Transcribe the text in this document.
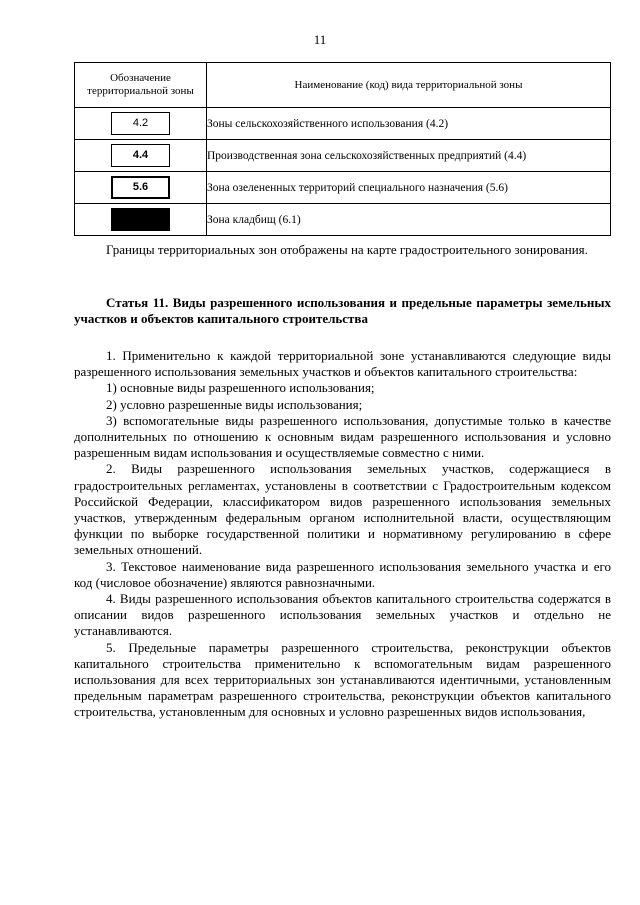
11
Обозначение территориальной зоны	Наименование (код) вида территориальной зоны
4.2	Зоны сельскохозяйственного использования (4.2)
4.4	Производственная зона сельскохозяйственных предприятий (4.4)
5.6	Зона озелененных территорий специального назначения (5.6)
	Зона кладбищ (6.1)

Границы территориальных зон отображены на карте градостроительного зонирования.

Статья 11. Виды разрешенного использования и предельные параметры земельных участков и объектов капитального строительства

1. Применительно к каждой территориальной зоне устанавливаются следующие виды разрешенного использования земельных участков и объектов капитального строительства:

1) основные виды разрешенного использования;

2) условно разрешенные виды использования;

3) вспомогательные виды разрешенного использования, допустимые только в качестве дополнительных по отношению к основным видам разрешенного использования и условно разрешенным видам использования и осуществляемые совместно с ними.

2. Виды разрешенного использования земельных участков, содержащиеся в градостроительных регламентах, установлены в соответствии с Градостроительным кодексом Российской Федерации, классификатором видов разрешенного использования земельных участков, утвержденным федеральным органом исполнительной власти, осуществляющим функции по выборке государственной политики и нормативному регулированию в сфере земельных отношений.

3. Текстовое наименование вида разрешенного использования земельного участка и его код (числовое обозначение) являются равнозначными.

4. Виды разрешенного использования объектов капитального строительства содержатся в описании видов разрешенного использования земельных участков и отдельно не устанавливаются.

5. Предельные параметры разрешенного строительства, реконструкции объектов капитального строительства применительно к вспомогательным видам разрешенного использования для всех территориальных зон устанавливаются идентичными, установленным предельным параметрам разрешенного строительства, реконструкции объектов капитального строительства, установленным для основных и условно разрешенных видов использования,
